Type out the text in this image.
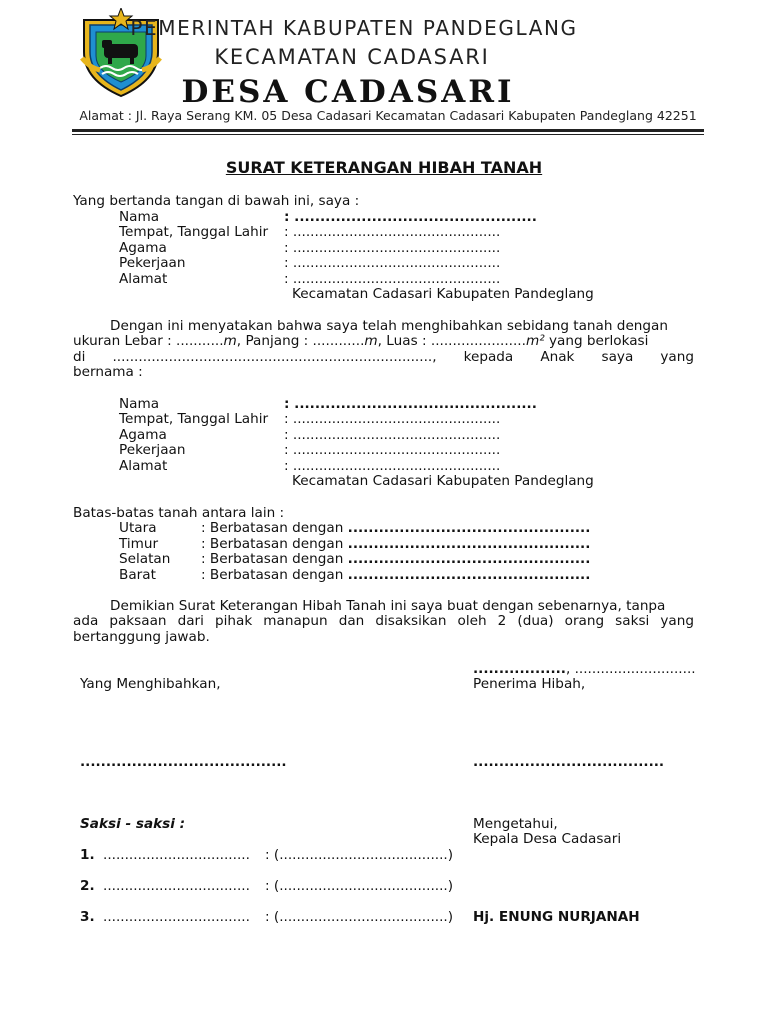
PEMERINTAH KABUPATEN PANDEGLANG
KECAMATAN CADASARI
DESA CADASARI
Alamat : Jl. Raya Serang KM. 05 Desa Cadasari Kecamatan Cadasari Kabupaten Pandeglang 42251
SURAT KETERANGAN HIBAH TANAH
Yang bertanda tangan di bawah ini, saya :
Nama	: ...............................................
Tempat, Tanggal Lahir : ................................................
Agama	: ................................................
Pekerjaan	: ................................................
Alamat	: ................................................
Kecamatan Cadasari Kabupaten Pandeglang
Dengan ini menyatakan bahwa saya telah menghibahkan sebidang tanah dengan
ukuran Lebar : ...........m, Panjang : ............m, Luas : ......................m² yang berlokasi
di .........................................................................., kepada Anak saya yang
bernama :
Nama	: ...............................................
Tempat, Tanggal Lahir : ................................................
Agama	: ................................................
Pekerjaan	: ................................................
Alamat	: ................................................
Kecamatan Cadasari Kabupaten Pandeglang
Batas-batas tanah antara lain :
Utara	: Berbatasan dengan ...............................................
Timur	: Berbatasan dengan ...............................................
Selatan : Berbatasan dengan ...............................................
Barat	: Berbatasan dengan ...............................................
Demikian Surat Keterangan Hibah Tanah ini saya buat dengan sebenarnya, tanpa
ada paksaan dari pihak manapun dan disaksikan oleh 2 (dua) orang saksi yang
bertanggung jawab.
.................., ............................
Yang Menghibahkan,	Penerima Hibah,
........................................	.....................................
Saksi - saksi :
1. .................................. : (.......................................)
2. .................................. : (.......................................)
3. .................................. : (.......................................)
Mengetahui,
Kepala Desa Cadasari
Hj. ENUNG NURJANAH
